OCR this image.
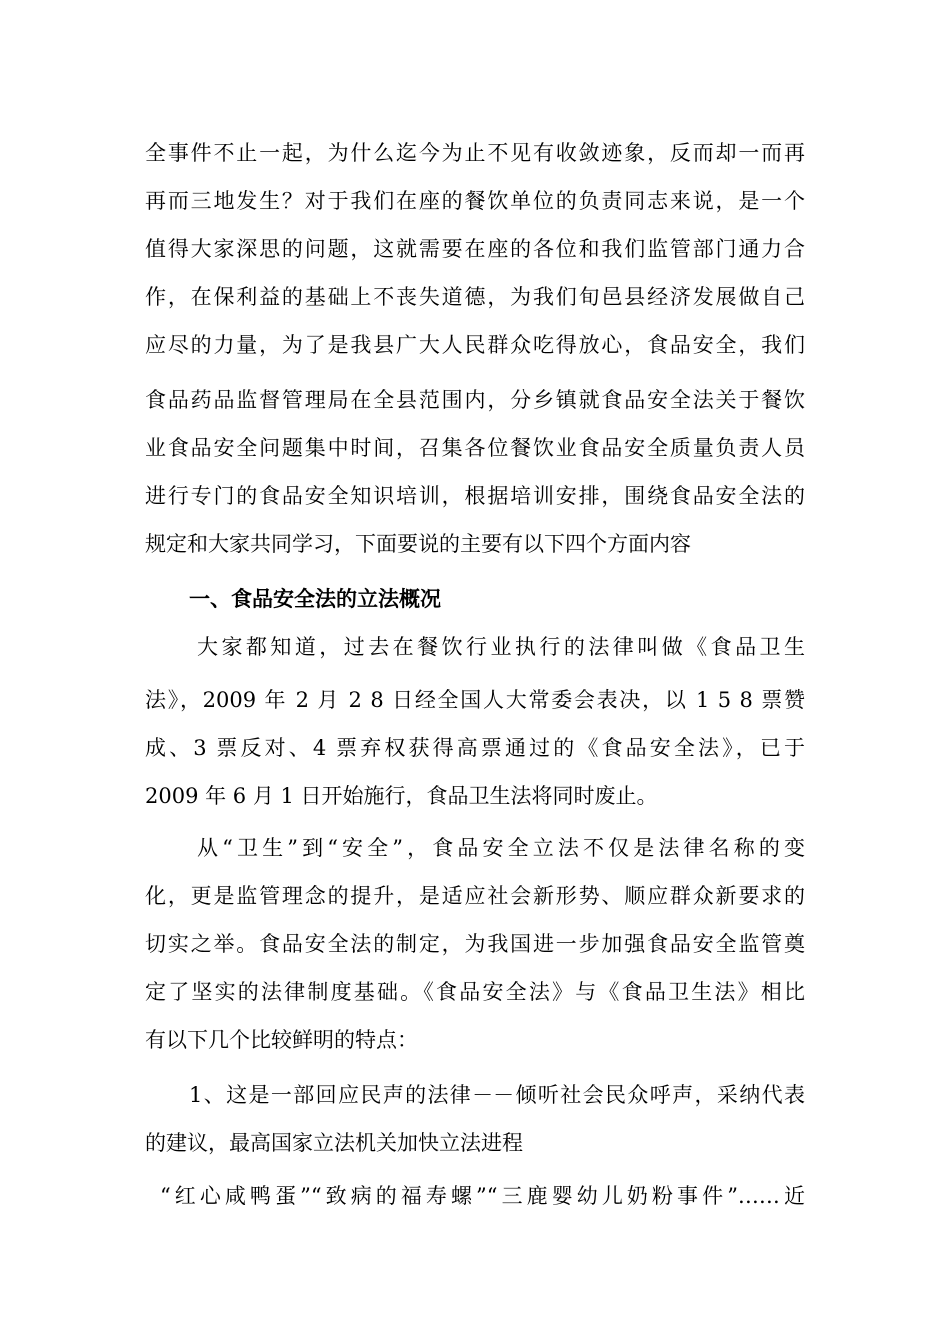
全事件不止一起，为什么迄今为止不见有收敛迹象，反而却一而再
再而三地发生？对于我们在座的餐饮单位的负责同志来说，是一个
值得大家深思的问题，这就需要在座的各位和我们监管部门通力合
作，在保利益的基础上不丧失道德，为我们旬邑县经济发展做自己
应尽的力量，为了是我县广大人民群众吃得放心，食品安全，我们
食品药品监督管理局在全县范围内，分乡镇就食品安全法关于餐饮
业食品安全问题集中时间，召集各位餐饮业食品安全质量负责人员
进行专门的食品安全知识培训，根据培训安排，围绕食品安全法的
规定和大家共同学习，下面要说的主要有以下四个方面内容
一、食品安全法的立法概况
大家都知道，过去在餐饮行业执行的法律叫做《食品卫生
法》，2009 年 2 月 2 8 日经全国人大常委会表决，以 1 5 8 票赞
成、3 票反对、4 票弃权获得高票通过的《食品安全法》，已于
2009 年 6 月 1 日开始施行，食品卫生法将同时废止。
从“卫生”到“安全”，食品安全立法不仅是法律名称的变
化，更是监管理念的提升，是适应社会新形势、顺应群众新要求的
切实之举。食品安全法的制定，为我国进一步加强食品安全监管奠
定了坚实的法律制度基础。《食品安全法》与《食品卫生法》相比
有以下几个比较鲜明的特点：
1、这是一部回应民声的法律－－倾听社会民众呼声，采纳代表
的建议，最高国家立法机关加快立法进程
“红心咸鸭蛋”“致病的福寿螺”“三鹿婴幼儿奶粉事件”……近
